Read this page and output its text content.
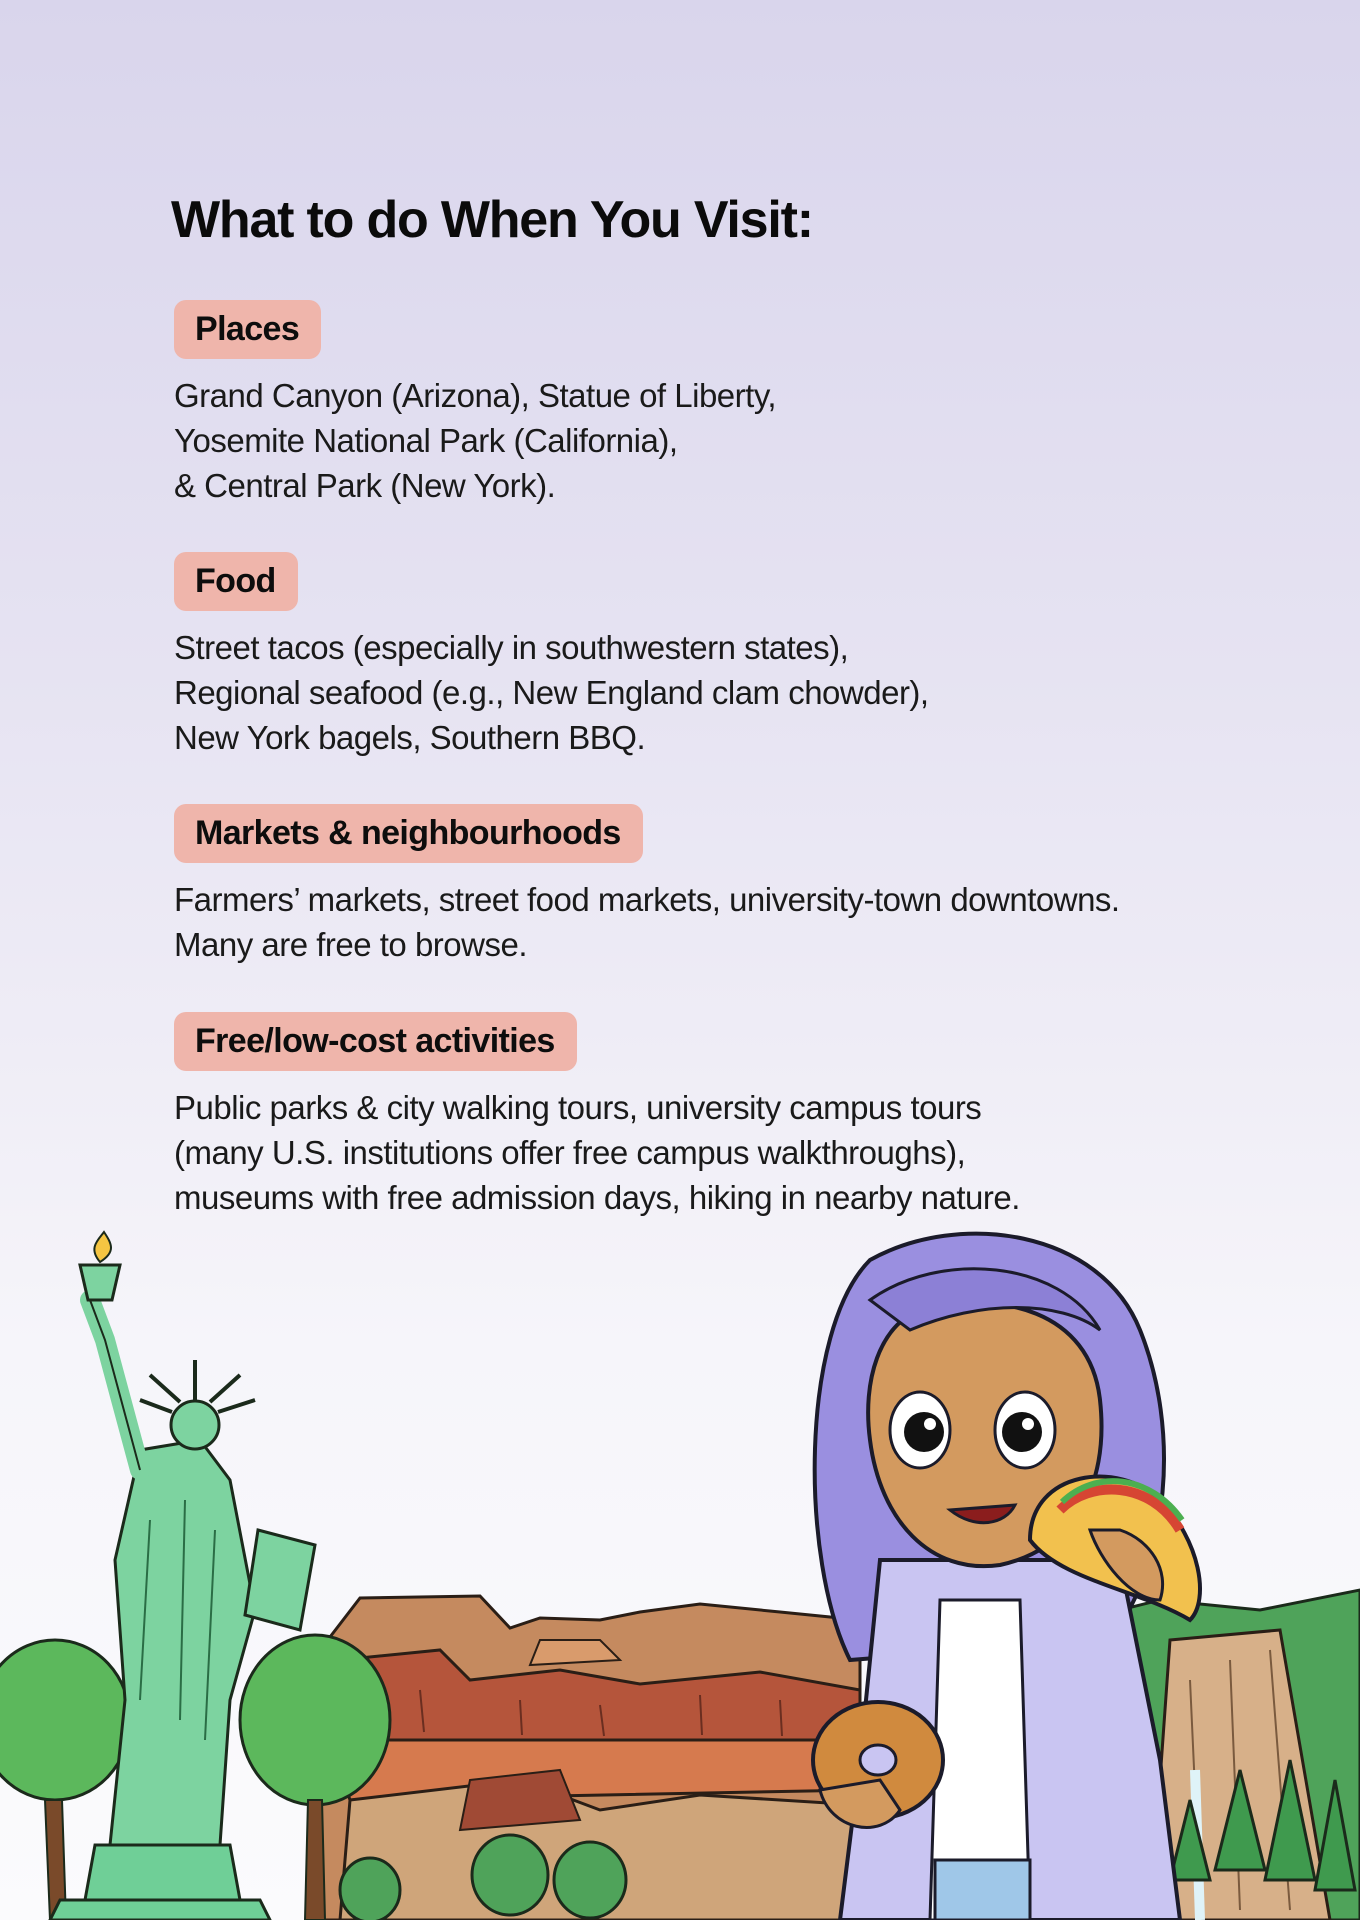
What to do When You Visit:
Places
Grand Canyon (Arizona), Statue of Liberty,
Yosemite National Park (California),
& Central Park (New York).
Food
Street tacos (especially in southwestern states),
Regional seafood (e.g., New England clam chowder),
New York bagels, Southern BBQ.
Markets & neighbourhoods
Farmers’ markets, street food markets, university-town downtowns.
Many are free to browse.
Free/low-cost activities
Public parks & city walking tours, university campus tours
(many U.S. institutions offer free campus walkthroughs),
museums with free admission days, hiking in nearby nature.
